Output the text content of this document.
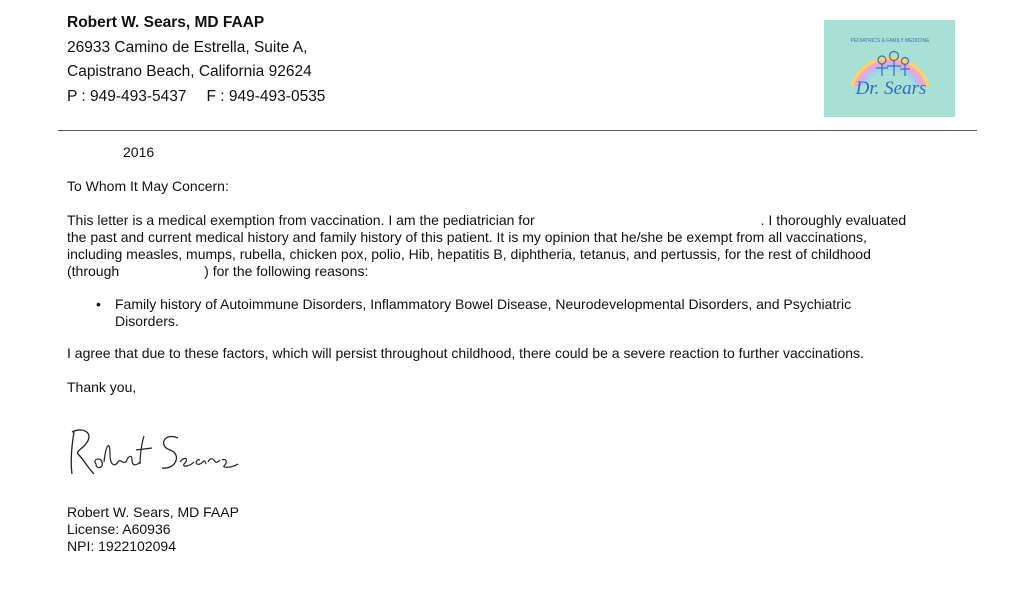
Robert W. Sears, MD FAAP
26933 Camino de Estrella, Suite A,
Capistrano Beach, California 92624
P : 949-493-5437 F : 949-493-0535
PEDIATRICS & FAMILY MEDICINE
Dr. Sears
2016
To Whom It May Concern:
This letter is a medical exemption from vaccination. I am the pediatrician for	. I thoroughly evaluated
the past and current medical history and family history of this patient. It is my opinion that he/she be exempt from all vaccinations,
including measles, mumps, rubella, chicken pox, polio, Hib, hepatitis B, diphtheria, tetanus, and pertussis, for the rest of childhood
(through	) for the following reasons:
• Family history of Autoimmune Disorders, Inflammatory Bowel Disease, Neurodevelopmental Disorders, and Psychiatric
Disorders.
I agree that due to these factors, which will persist throughout childhood, there could be a severe reaction to further vaccinations.
Thank you,
Robert W. Sears, MD FAAP
License: A60936
NPI: 1922102094
